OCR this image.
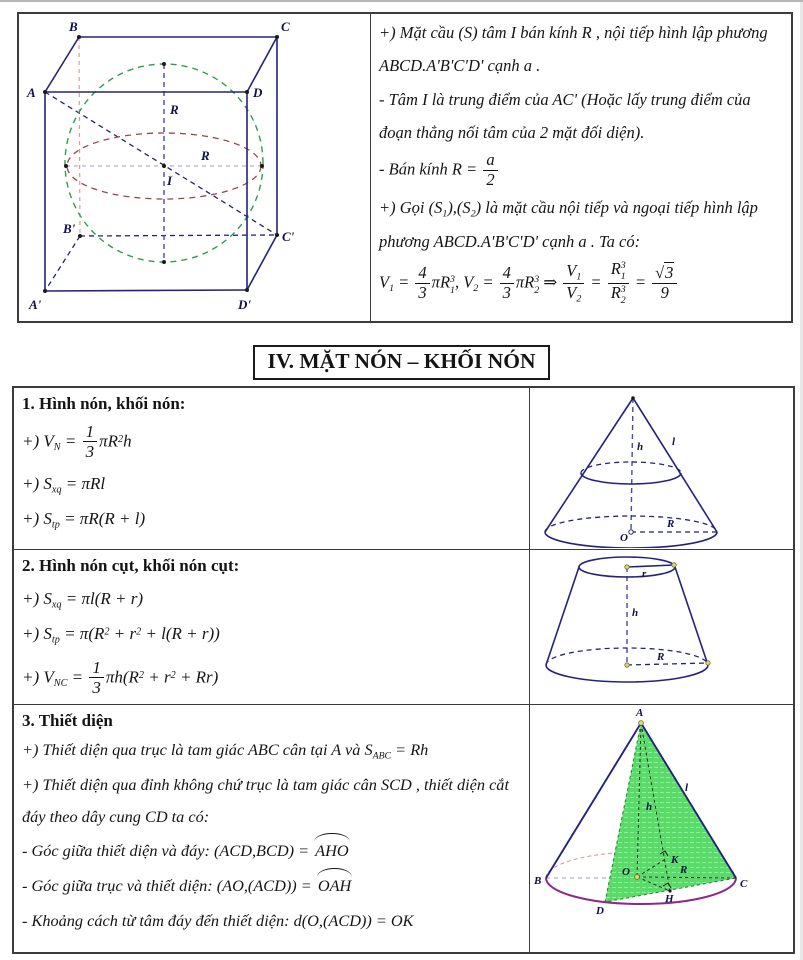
B	C
A	D
B'
C'
A'	D'
R
R
I

+) Mặt cầu (S) tâm I bán kính R , nội tiếp hình lập phương ABCD.A'B'C'D' cạnh a .

- Tâm I là trung điểm của AC' (Hoặc lấy trung điểm của đoạn thẳng nối tâm của 2 mặt đối diện).

- Bán kính $R = \frac{a}{2}$

+) Gọi $(S_1),(S_2)$ là mặt cầu nội tiếp và ngoại tiếp hình lập phương ABCD.A'B'C'D' cạnh a . Ta có:

$V_1 = \frac{4}{3}$ πR 3
1 , $V_2 = \frac{4}{3}$ πR 3
2 ⇒ $\frac{V_1}{V_2} = R$ 3
1
R 3
$2 = \frac{√3}{9}$

IV. MẶT NÓN – KHỐI NÓN

1. Hình nón, khối nón:

+) $V_N = \frac{1}{3} \pi R^2h$

+) $S_{xq} = \pi Rl$

+) $S_{tp} = \pi R(R + l)$

h	l
O
R

2. Hình nón cụt, khối nón cụt:

+) $S_{xq} = \pi l(R + r)$

+) $S_{tp} = \pi(R^2 + r^2 + l(R + r))$

+) $V_{NC} = \frac{1}{3} \pi h(R^2 + r^2 + Rr)$

r
h
R

3. Thiết diện

+) Thiết diện qua trục là tam giác ABC cân tại A và $S_{ABC} = Rh$

+) Thiết diện qua đỉnh không chứ trục là tam giác cân SCD , thiết diện cắt đáy theo dây cung CD ta có:

- Góc giữa thiết diện và đáy: (ACD,BCD) = AHO

- Góc giữa trục và thiết diện: (AO,(ACD)) = OAH

- Khoảng cách từ tâm đáy đến thiết diện: d(O,(ACD)) = OK

A
B	C
D
l
h
K
O	R
H
